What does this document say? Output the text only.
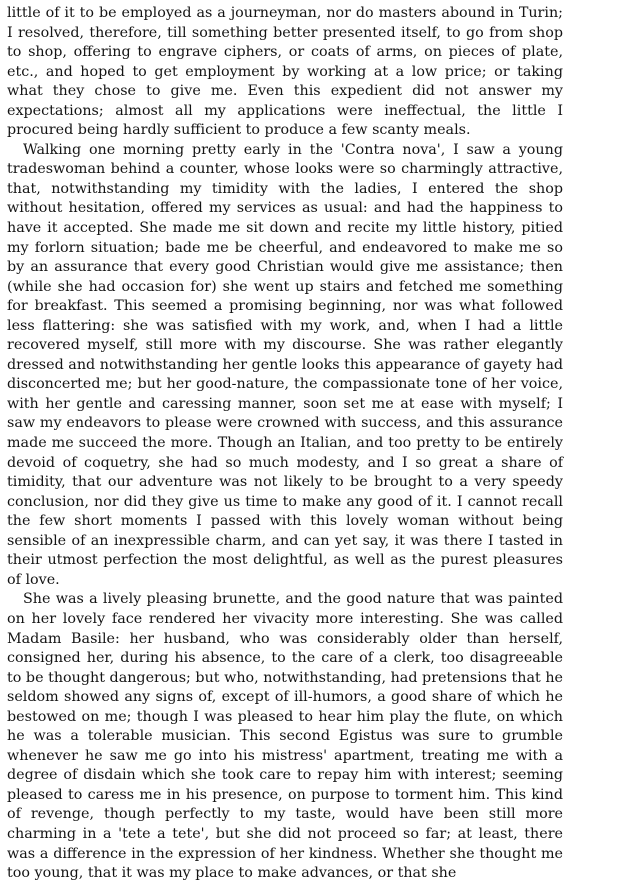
little of it to be employed as a journeyman, nor do masters abound in Turin; I resolved, therefore, till something better presented itself, to go from shop to shop, offering to engrave ciphers, or coats of arms, on pieces of plate, etc., and hoped to get employment by working at a low price; or taking what they chose to give me. Even this expedient did not answer my expectations; almost all my applications were ineffectual, the little I procured being hardly sufficient to produce a few scanty meals.

Walking one morning pretty early in the 'Contra nova', I saw a young tradeswoman behind a counter, whose looks were so charmingly attractive, that, notwithstanding my timidity with the ladies, I entered the shop without hesitation, offered my services as usual: and had the happiness to have it accepted. She made me sit down and recite my little history, pitied my forlorn situation; bade me be cheerful, and endeavored to make me so by an assurance that every good Christian would give me assistance; then (while she had occasion for) she went up stairs and fetched me something for breakfast. This seemed a promising beginning, nor was what followed less flattering: she was satisfied with my work, and, when I had a little recovered myself, still more with my discourse. She was rather elegantly dressed and notwithstanding her gentle looks this appearance of gayety had disconcerted me; but her good-nature, the compassionate tone of her voice, with her gentle and caressing manner, soon set me at ease with myself; I saw my endeavors to please were crowned with success, and this assurance made me succeed the more. Though an Italian, and too pretty to be entirely devoid of coquetry, she had so much modesty, and I so great a share of timidity, that our adventure was not likely to be brought to a very speedy conclusion, nor did they give us time to make any good of it. I cannot recall the few short moments I passed with this lovely woman without being sensible of an inexpressible charm, and can yet say, it was there I tasted in their utmost perfection the most delightful, as well as the purest pleasures of love.

She was a lively pleasing brunette, and the good nature that was painted on her lovely face rendered her vivacity more interesting. She was called Madam Basile: her husband, who was considerably older than herself, consigned her, during his absence, to the care of a clerk, too disagreeable to be thought dangerous; but who, notwithstanding, had pretensions that he seldom showed any signs of, except of ill-humors, a good share of which he bestowed on me; though I was pleased to hear him play the flute, on which he was a tolerable musician. This second Egistus was sure to grumble whenever he saw me go into his mistress' apartment, treating me with a degree of disdain which she took care to repay him with interest; seeming pleased to caress me in his presence, on purpose to torment him. This kind of revenge, though perfectly to my taste, would have been still more charming in a 'tete a tete', but she did not proceed so far; at least, there was a difference in the expression of her kindness. Whether she thought me too young, that it was my place to make advances, or that she
